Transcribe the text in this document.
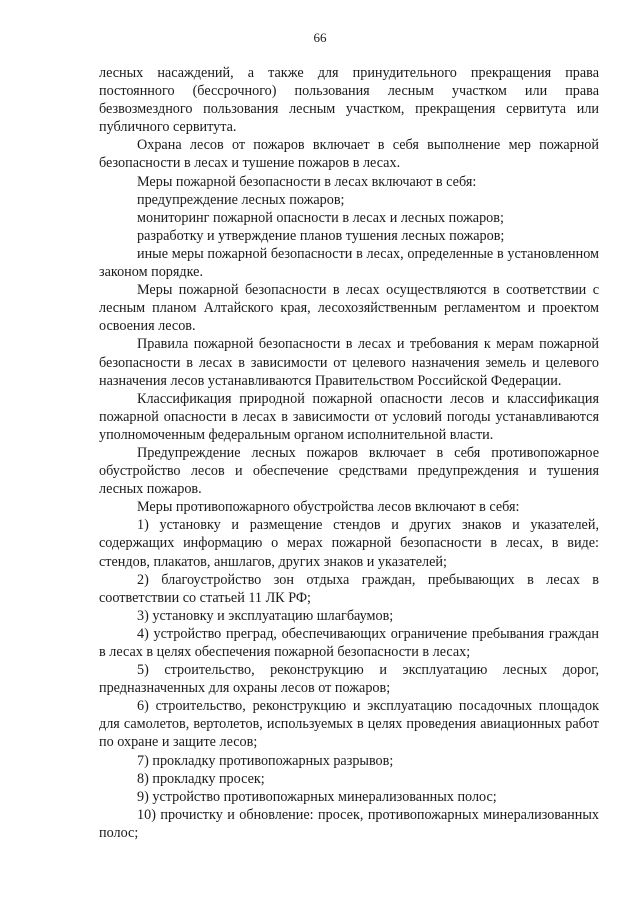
66

лесных насаждений, а также для принудительного прекращения права постоянного (бессрочного) пользования лесным участком или права безвозмездного пользования лесным участком, прекращения сервитута или публичного сервитута.

Охрана лесов от пожаров включает в себя выполнение мер пожарной безопасности в лесах и тушение пожаров в лесах.

Меры пожарной безопасности в лесах включают в себя:

предупреждение лесных пожаров;

мониторинг пожарной опасности в лесах и лесных пожаров;

разработку и утверждение планов тушения лесных пожаров;

иные меры пожарной безопасности в лесах, определенные в установленном законом порядке.

Меры пожарной безопасности в лесах осуществляются в соответствии с лесным планом Алтайского края, лесохозяйственным регламентом и проектом освоения лесов.

Правила пожарной безопасности в лесах и требования к мерам пожарной безопасности в лесах в зависимости от целевого назначения земель и целевого назначения лесов устанавливаются Правительством Российской Федерации.

Классификация природной пожарной опасности лесов и классификация пожарной опасности в лесах в зависимости от условий погоды устанавливаются уполномоченным федеральным органом исполнительной власти.

Предупреждение лесных пожаров включает в себя противопожарное обустройство лесов и обеспечение средствами предупреждения и тушения лесных пожаров.

Меры противопожарного обустройства лесов включают в себя:

1) установку и размещение стендов и других знаков и указателей, содержащих информацию о мерах пожарной безопасности в лесах, в виде: стендов, плакатов, аншлагов, других знаков и указателей;

2) благоустройство зон отдыха граждан, пребывающих в лесах в соответствии со статьей 11 ЛК РФ;

3) установку и эксплуатацию шлагбаумов;

4) устройство преград, обеспечивающих ограничение пребывания граждан в лесах в целях обеспечения пожарной безопасности в лесах;

5) строительство, реконструкцию и эксплуатацию лесных дорог, предназначенных для охраны лесов от пожаров;

6) строительство, реконструкцию и эксплуатацию посадочных площадок для самолетов, вертолетов, используемых в целях проведения авиационных работ по охране и защите лесов;

7) прокладку противопожарных разрывов;

8) прокладку просек;

9) устройство противопожарных минерализованных полос;

10) прочистку и обновление: просек, противопожарных минерализованных полос;
